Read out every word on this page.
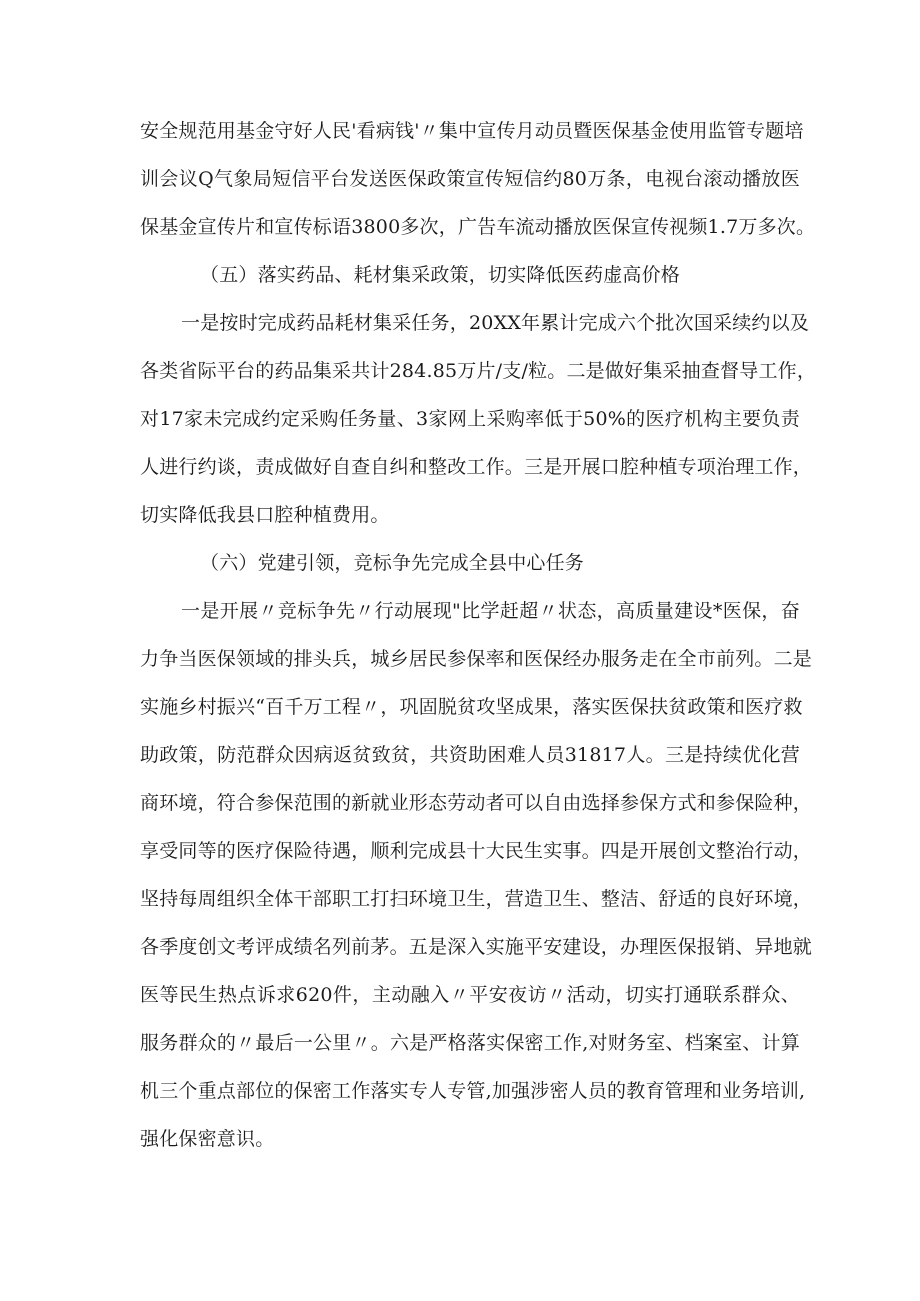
安全规范用基金守好人民'看病钱'〃集中宣传月动员暨医保基金使用监管专题培
训会议Q气象局短信平台发送医保政策宣传短信约80万条，电视台滚动播放医
保基金宣传片和宣传标语3800多次，广告车流动播放医保宣传视频1.7万多次。
（五）落实药品、耗材集采政策，切实降低医药虚高价格
一是按时完成药品耗材集采任务，20XX年累计完成六个批次国采续约以及
各类省际平台的药品集采共计284.85万片/支/粒。二是做好集采抽查督导工作，
对17家未完成约定采购任务量、3家网上采购率低于50%的医疗机构主要负责
人进行约谈，责成做好自查自纠和整改工作。三是开展口腔种植专项治理工作，
切实降低我县口腔种植费用。
（六）党建引领，竞标争先完成全县中心任务
一是开展〃竞标争先〃行动展现"比学赶超〃状态，高质量建设*医保，奋
力争当医保领域的排头兵，城乡居民参保率和医保经办服务走在全市前列。二是
实施乡村振兴“百千万工程〃，巩固脱贫攻坚成果，落实医保扶贫政策和医疗救
助政策，防范群众因病返贫致贫，共资助困难人员31817人。三是持续优化营
商环境，符合参保范围的新就业形态劳动者可以自由选择参保方式和参保险种，
享受同等的医疗保险待遇，顺利完成县十大民生实事。四是开展创文整治行动，
坚持每周组织全体干部职工打扫环境卫生，营造卫生、整洁、舒适的良好环境，
各季度创文考评成绩名列前茅。五是深入实施平安建设，办理医保报销、异地就
医等民生热点诉求620件，主动融入〃平安夜访〃活动，切实打通联系群众、
服务群众的〃最后一公里〃。六是严格落实保密工作,对财务室、档案室、计算
机三个重点部位的保密工作落实专人专管,加强涉密人员的教育管理和业务培训,
强化保密意识。
